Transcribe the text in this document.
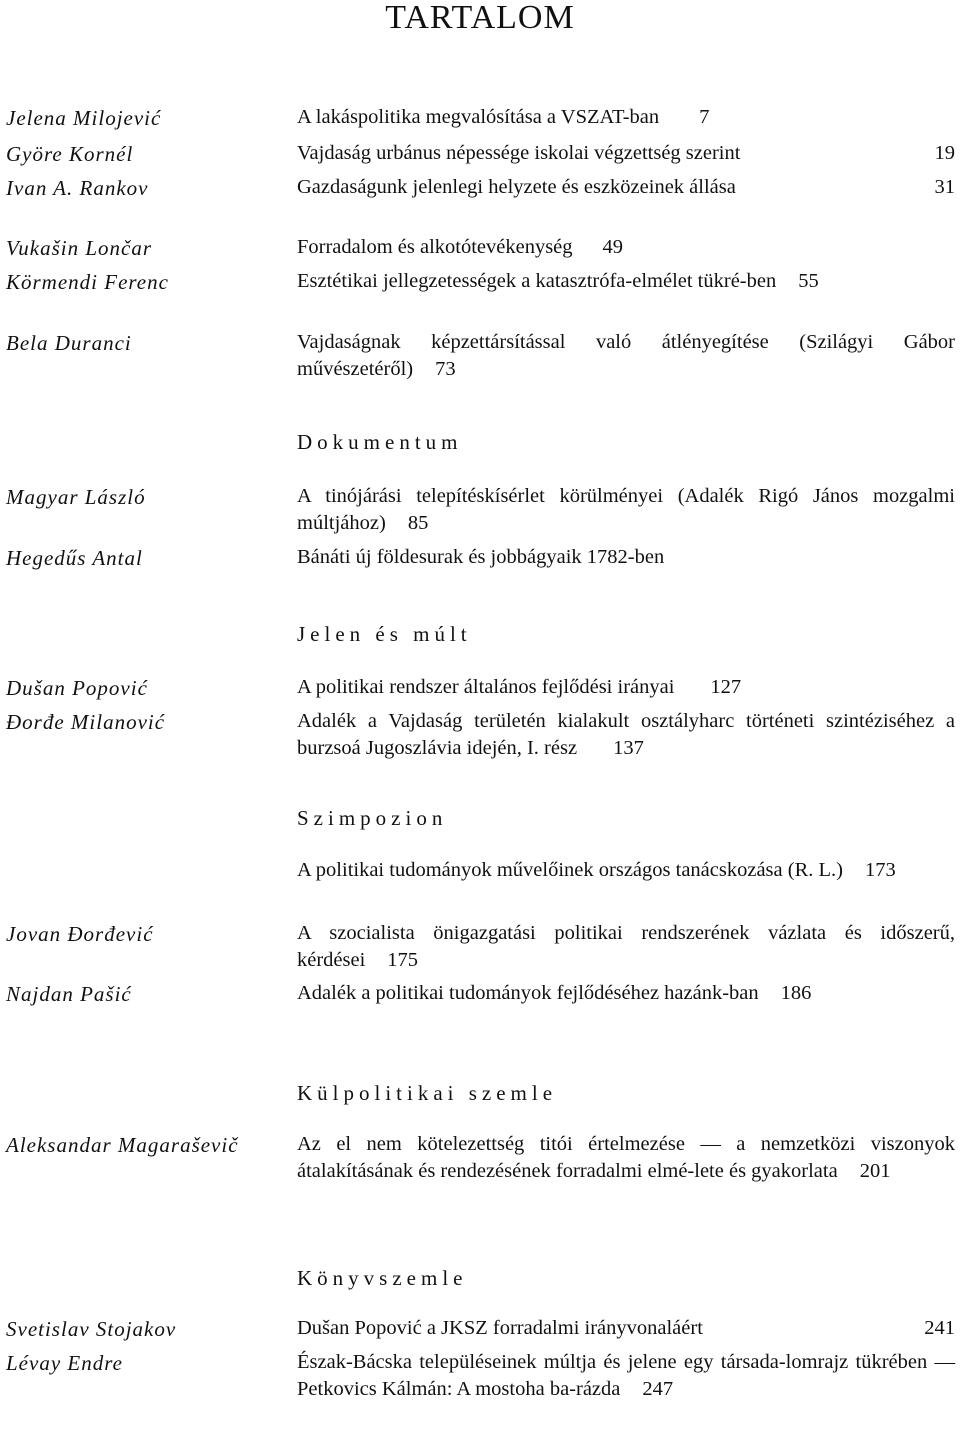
TARTALOM
Jelena Milojević	A lakáspolitika megvalósítása a VSZAT-ban 7
Györe Kornél	Vajdaság urbánus népessége iskolai végzettség szerint	19
Ivan A. Rankov	Gazdaságunk jelenlegi helyzete és eszközeinek állása	31
Vukašin Lončar	Forradalom és alkotótevékenység 49
Körmendi Ferenc	Esztétikai jellegzetességek a katasztrófa-elmélet tükré-ben 55
Bela Duranci	Vajdaságnak képzettársítással való átlényegítése (Szilágyi Gábor művészetéről) 73
Dokumentum
Magyar László	A tinójárási telepítéskísérlet körülményei (Adalék Rigó János mozgalmi múltjához) 85
Hegedűs Antal	Bánáti új földesurak és jobbágyaik 1782-ben
Jelen és múlt
Dušan Popović	A politikai rendszer általános fejlődési irányai 127
Đorđe Milanović	Adalék a Vajdaság területén kialakult osztályharc történeti szintéziséhez a burzsoá Jugoszlávia idején, I. rész 137
Szimpozion
A politikai tudományok művelőinek országos tanácskozása (R. L.) 173
Jovan Đorđević	A szocialista önigazgatási politikai rendszerének vázlata és időszerű, kérdései 175
Najdan Pašić	Adalék a politikai tudományok fejlődéséhez hazánk-ban 186
Külpolitikai szemle
Aleksandar Magaraševič	Az el nem kötelezettség titói értelmezése — a nemzetközi viszonyok átalakításának és rendezésének forradalmi elmé-lete és gyakorlata 201
Könyvszemle
Svetislav Stojakov	Dušan Popović a JKSZ forradalmi irányvonaláért	241
Lévay Endre	Észak-Bácska településeinek múltja és jelene egy társada-lomrajz tükrében — Petkovics Kálmán: A mostoha ba-rázda 247
